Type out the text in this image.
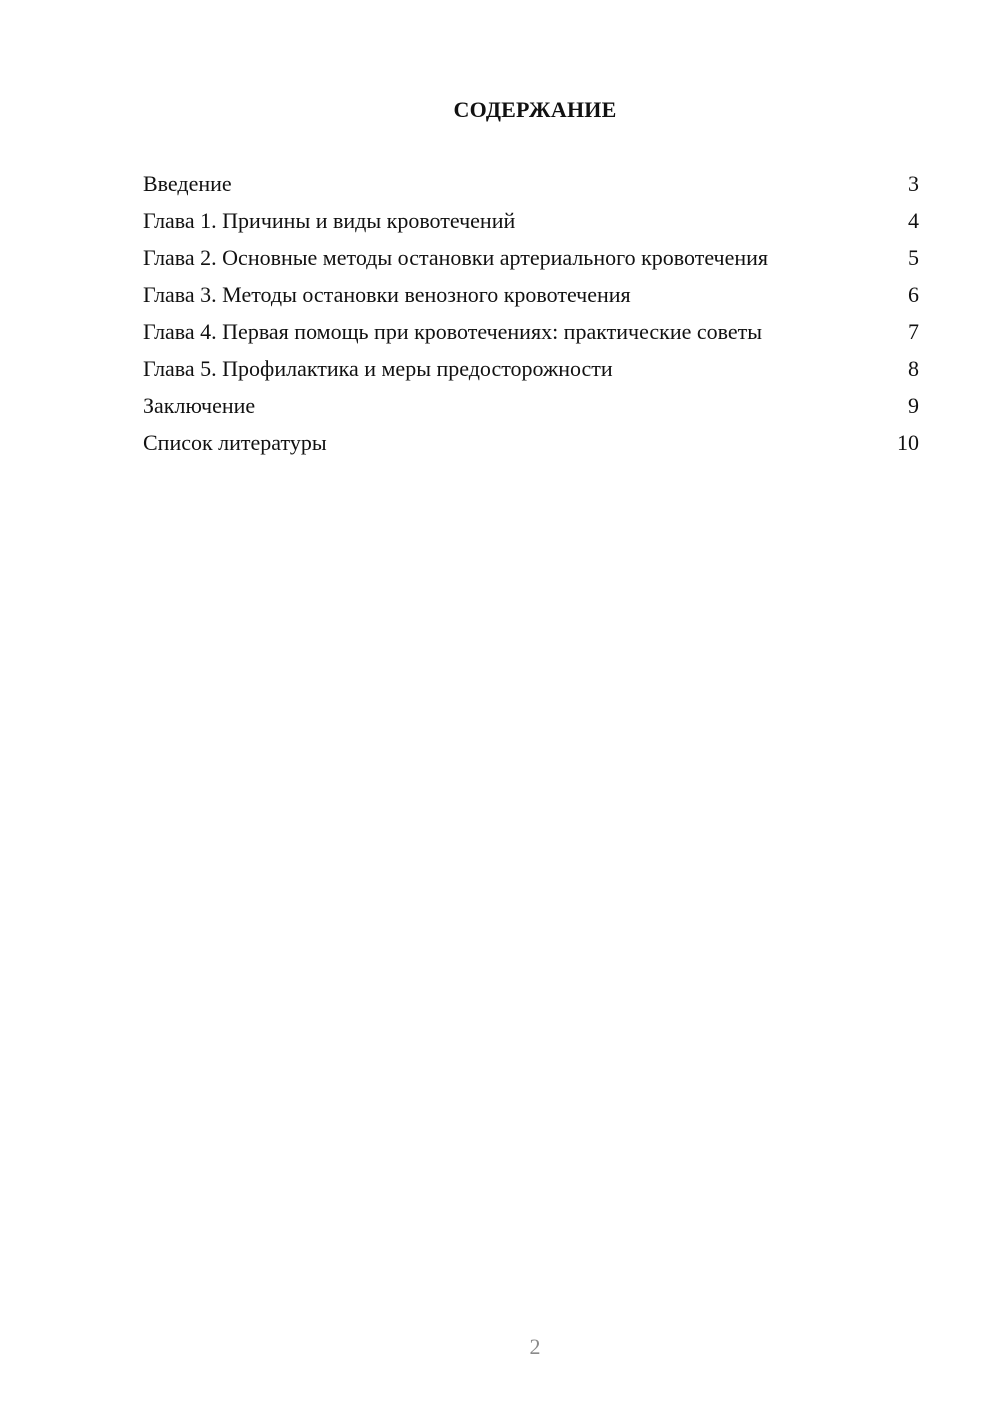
СОДЕРЖАНИЕ
Введение	3
Глава 1. Причины и виды кровотечений	4
Глава 2. Основные методы остановки артериального кровотечения	5
Глава 3. Методы остановки венозного кровотечения	6
Глава 4. Первая помощь при кровотечениях: практические советы	7
Глава 5. Профилактика и меры предосторожности	8
Заключение	9
Список литературы	10
2
